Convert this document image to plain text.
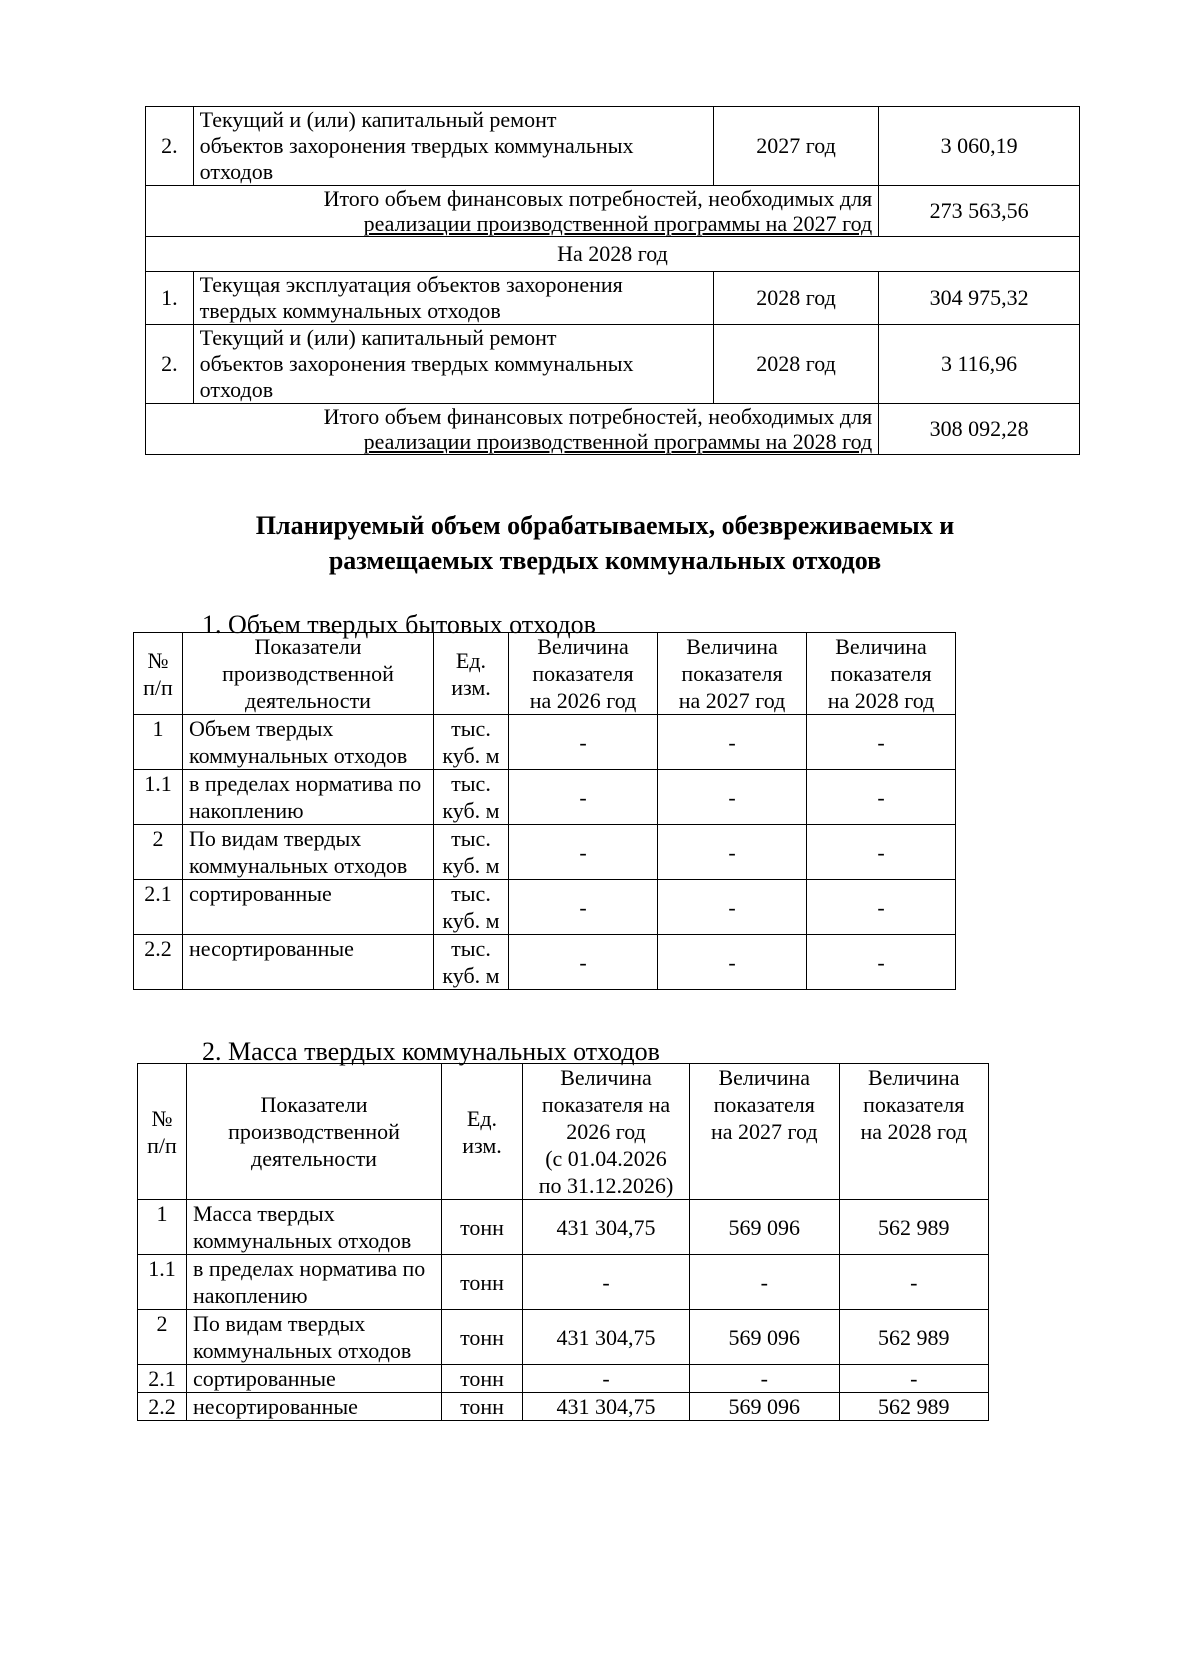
2.	Текущий и (или) капитальный ремонт
объектов захоронения твердых коммунальных
отходов	2027 год	3 060,19
Итого объем финансовых потребностей, необходимых для
реализации производственной программы на 2027 год			273 563,56
На 2028 год			
1.	Текущая эксплуатация объектов захоронения
твердых коммунальных отходов	2028 год	304 975,32
2.	Текущий и (или) капитальный ремонт
объектов захоронения твердых коммунальных
отходов	2028 год	3 116,96
Итого объем финансовых потребностей, необходимых для
реализации производственной программы на 2028 год			308 092,28
Планируемый объем обрабатываемых, обезвреживаемых и
размещаемых твердых коммунальных отходов
1. Объем твердых бытовых отходов
№
п/п	Показатели
производственной
деятельности	Ед.
изм.	Величина
показателя
на 2026 год	Величина
показателя
на 2027 год	Величина
показателя
на 2028 год
1	Объем твердых
коммунальных отходов	тыс.
куб. м	-	-	-
1.1	в пределах норматива по
накоплению	тыс.
куб. м	-	-	-
2	По видам твердых
коммунальных отходов	тыс.
куб. м	-	-	-
2.1	сортированные	тыс.
куб. м	-	-	-
2.2	несортированные	тыс.
куб. м	-	-	-
2. Масса твердых коммунальных отходов
№
п/п	Показатели
производственной
деятельности	Ед.
изм.	Величина
показателя на
2026 год
(с 01.04.2026
по 31.12.2026)	Величина
показателя
на 2027 год	Величина
показателя
на 2028 год
1	Масса твердых
коммунальных отходов	тонн	431 304,75	569 096	562 989
1.1	в пределах норматива по
накоплению	тонн	-	-	-
2	По видам твердых
коммунальных отходов	тонн	431 304,75	569 096	562 989
2.1	сортированные	тонн	-	-	-
2.2	несортированные	тонн	431 304,75	569 096	562 989
